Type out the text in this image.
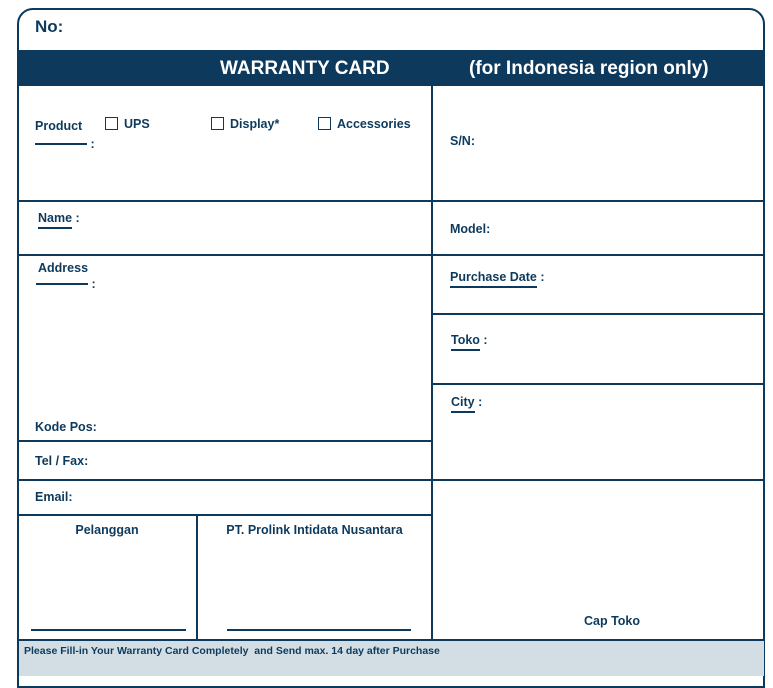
No:
WARRANTY CARD	(for Indonesia region only)
Product
:
UPS	Display*	Accessories
Name :
Address
:
Kode Pos:
Tel / Fax:
Email:
S/N:
Model:
Purchase Date :
Toko :
City :
Pelanggan	PT. Prolink Intidata Nusantara
Cap Toko
Please Fill-in Your Warranty Card Completely  and Send max. 14 day after Purchase
